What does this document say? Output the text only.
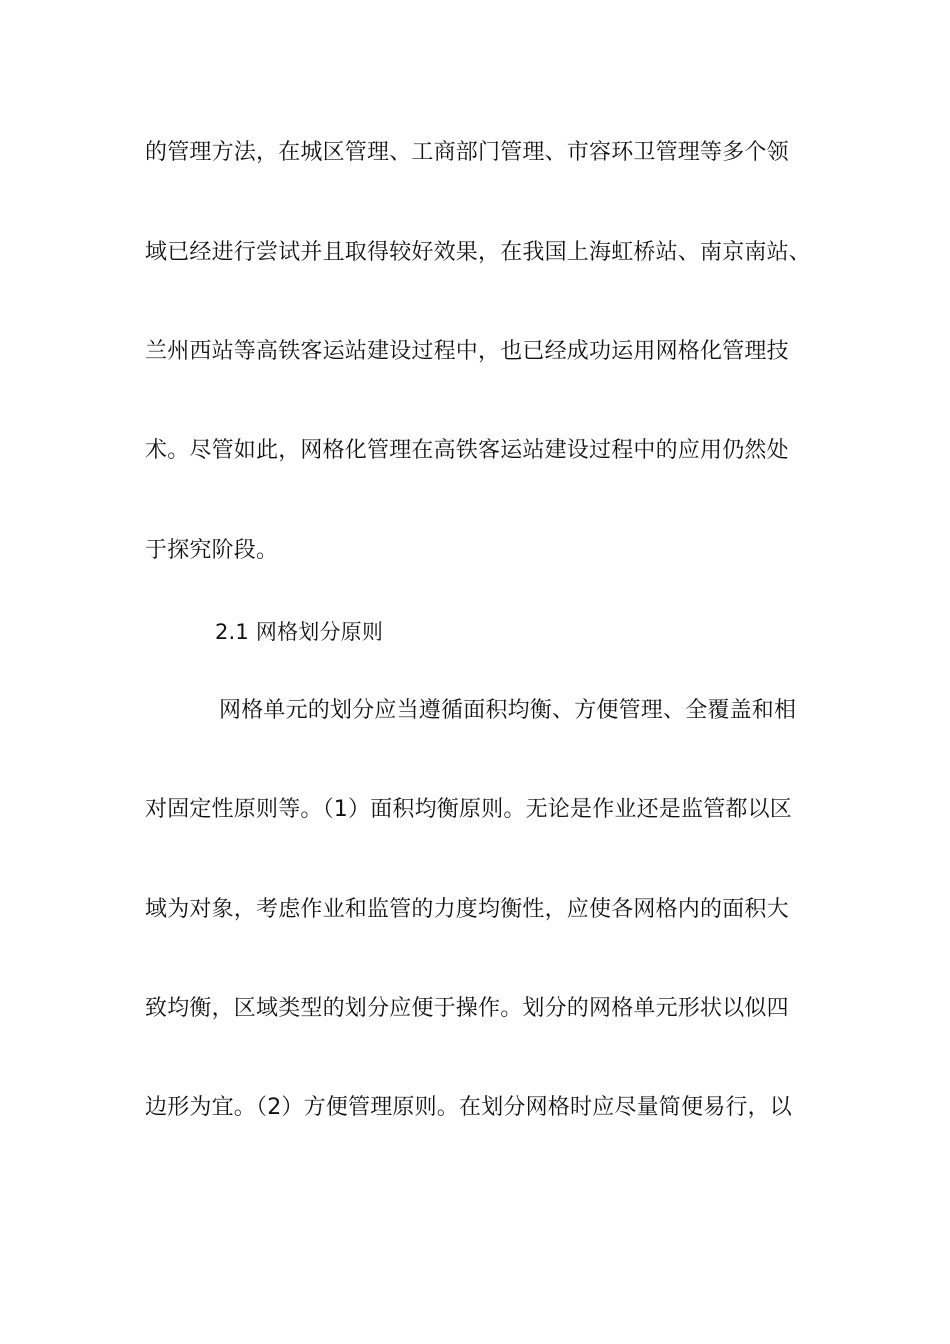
的管理方法，在城区管理、工商部门管理、市容环卫管理等多个领
域已经进行尝试并且取得较好效果，在我国上海虹桥站、南京南站、
兰州西站等高铁客运站建设过程中，也已经成功运用网格化管理技
术。尽管如此，网格化管理在高铁客运站建设过程中的应用仍然处
于探究阶段。
2.1 网格划分原则
网格单元的划分应当遵循面积均衡、方便管理、全覆盖和相
对固定性原则等。（1）面积均衡原则。无论是作业还是监管都以区
域为对象，考虑作业和监管的力度均衡性，应使各网格内的面积大
致均衡，区域类型的划分应便于操作。划分的网格单元形状以似四
边形为宜。（2）方便管理原则。在划分网格时应尽量简便易行，以
